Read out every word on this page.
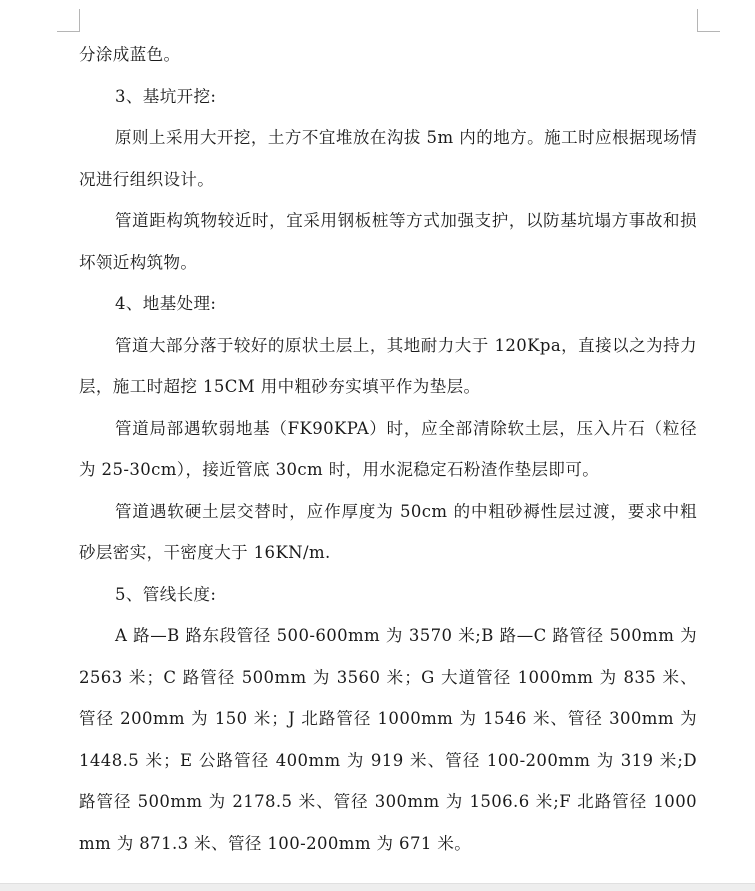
分涂成蓝色。

3、基坑开挖:

原则上采用大开挖，土方不宜堆放在沟拔 5m 内的地方。施工时应根据现场情况进行组织设计。

管道距构筑物较近时，宜采用钢板桩等方式加强支护，以防基坑塌方事故和损坏领近构筑物。

4、地基处理:

管道大部分落于较好的原状土层上，其地耐力大于 120Kpa，直接以之为持力层，施工时超挖 15CM 用中粗砂夯实填平作为垫层。

管道局部遇软弱地基（FK90KPA）时，应全部清除软土层，压入片石（粒径为 25-30cm），接近管底 30cm 时，用水泥稳定石粉渣作垫层即可。

管道遇软硬土层交替时，应作厚度为 50cm 的中粗砂褥性层过渡，要求中粗砂层密实，干密度大于 16KN/m.

5、管线长度:

A 路—B 路东段管径 500-600mm 为 3570 米;B 路—C 路管径 500mm 为 2563 米；C 路管径 500mm 为 3560 米；G 大道管径 1000mm 为 835 米、管径 200mm 为 150 米；J 北路管径 1000mm 为 1546 米、管径 300mm 为 1448.5 米；E 公路管径 400mm 为 919 米、管径 100-200mm 为 319 米;D 路管径 500mm 为 2178.5 米、管径 300mm 为 1506.6 米;F 北路管径 1000mm 为 871.3 米、管径 100-200mm 为 671 米。
